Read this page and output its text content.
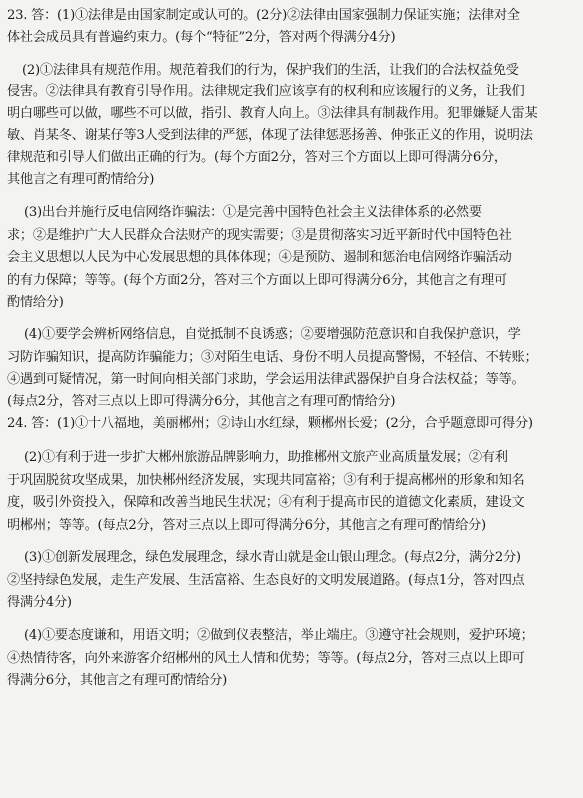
23. 答：(1)①法律是由国家制定或认可的。(2分)②法律由国家强制力保证实施；法律对全
体社会成员具有普遍约束力。(每个“特征”2分，答对两个得满分4分)
(2)①法律具有规范作用。规范着我们的行为，保护我们的生活，让我们的合法权益免受
侵害。②法律具有教育引导作用。法律规定我们应该享有的权利和应该履行的义务，让我们
明白哪些可以做，哪些不可以做，指引、教育人向上。③法律具有制裁作用。犯罪嫌疑人雷某
敏、肖某冬、谢某仔等3人受到法律的严惩，体现了法律惩恶扬善、伸张正义的作用，说明法
律规范和引导人们做出正确的行为。(每个方面2分，答对三个方面以上即可得满分6分，
其他言之有理可酌情给分)
(3)出台并施行反电信网络诈骗法：①是完善中国特色社会主义法律体系的必然要
求；②是维护广大人民群众合法财产的现实需要；③是贯彻落实习近平新时代中国特色社
会主义思想以人民为中心发展思想的具体体现；④是预防、遏制和惩治电信网络诈骗活动
的有力保障；等等。(每个方面2分，答对三个方面以上即可得满分6分，其他言之有理可
酌情给分)
(4)①要学会辨析网络信息，自觉抵制不良诱惑；②要增强防范意识和自我保护意识，学
习防诈骗知识，提高防诈骗能力；③对陌生电话、身份不明人员提高警惕，不轻信、不转账；
④遇到可疑情况，第一时间向相关部门求助，学会运用法律武器保护自身合法权益；等等。
(每点2分，答对三点以上即可得满分6分，其他言之有理可酌情给分)
24. 答：(1)①十八福地，美丽郴州；②诗山水红绿，颗郴州长爱；(2分，合乎题意即可得分)
(2)①有利于进一步扩大郴州旅游品牌影响力，助推郴州文旅产业高质量发展；②有利
于巩固脱贫攻坚成果，加快郴州经济发展，实现共同富裕；③有利于提高郴州的形象和知名
度，吸引外资投入，保障和改善当地民生状况；④有利于提高市民的道德文化素质，建设文
明郴州；等等。(每点2分，答对三点以上即可得满分6分，其他言之有理可酌情给分)
(3)①创新发展理念，绿色发展理念，绿水青山就是金山银山理念。(每点2分，满分2分)
②坚持绿色发展，走生产发展、生活富裕、生态良好的文明发展道路。(每点1分，答对四点
得满分4分)
(4)①要态度谦和，用语文明；②做到仪表整洁，举止端庄。③遵守社会规则，爱护环境；
④热情待客，向外来游客介绍郴州的风土人情和优势；等等。(每点2分，答对三点以上即可
得满分6分，其他言之有理可酌情给分)
